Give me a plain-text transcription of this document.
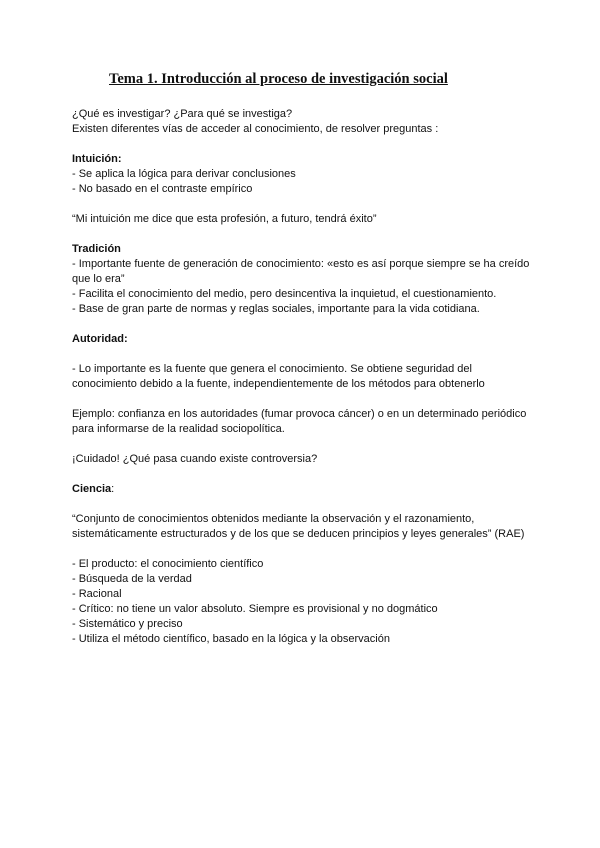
Tema 1. Introducción al proceso de investigación social
¿Qué es investigar? ¿Para qué se investiga?
Existen diferentes vías de acceder al conocimiento, de resolver preguntas :
Intuición:
- Se aplica la lógica para derivar conclusiones
- No basado en el contraste empírico
“Mi intuición me dice que esta profesión, a futuro, tendrá éxito”
Tradición
- Importante fuente de generación de conocimiento: «esto es así porque siempre se ha creído que lo era”
- Facilita el conocimiento del medio, pero desincentiva la inquietud, el cuestionamiento.
- Base de gran parte de normas y reglas sociales, importante para la vida cotidiana.
Autoridad:
- Lo importante es la fuente que genera el conocimiento. Se obtiene seguridad del conocimiento debido a la fuente, independientemente de los métodos para obtenerlo
Ejemplo: confianza en los autoridades (fumar provoca cáncer) o en un determinado periódico para informarse de la realidad sociopolítica.
¡Cuidado! ¿Qué pasa cuando existe controversia?
Ciencia:
“Conjunto de conocimientos obtenidos mediante la observación y el razonamiento, sistemáticamente estructurados y de los que se deducen principios y leyes generales” (RAE)
- El producto: el conocimiento científico
- Búsqueda de la verdad
- Racional
- Crítico: no tiene un valor absoluto. Siempre es provisional y no dogmático
- Sistemático y preciso
- Utiliza el método científico, basado en la lógica y la observación
